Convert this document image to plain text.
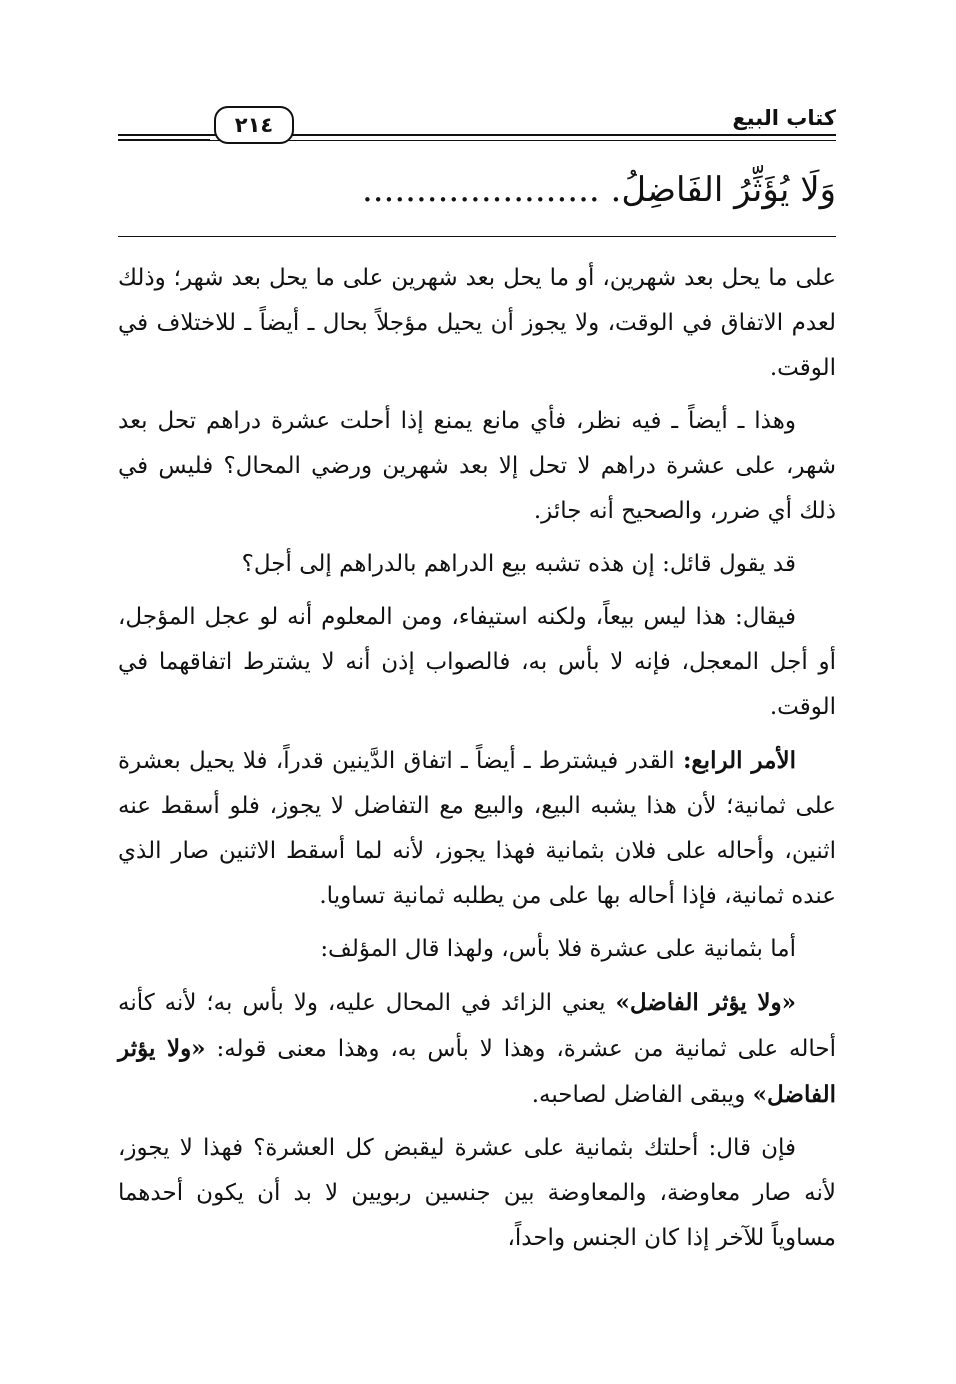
٢١٤	كتاب البيع
وَلَا يُؤَثِّرُ الفَاضِلُ. ......................

على ما يحل بعد شهرين، أو ما يحل بعد شهرين على ما يحل بعد شهر؛ وذلك لعدم الاتفاق في الوقت، ولا يجوز أن يحيل مؤجلاً بحال ـ أيضاً ـ للاختلاف في الوقت.

وهذا ـ أيضاً ـ فيه نظر، فأي مانع يمنع إذا أحلت عشرة دراهم تحل بعد شهر، على عشرة دراهم لا تحل إلا بعد شهرين ورضي المحال؟ فليس في ذلك أي ضرر، والصحيح أنه جائز.

قد يقول قائل: إن هذه تشبه بيع الدراهم بالدراهم إلى أجل؟

فيقال: هذا ليس بيعاً، ولكنه استيفاء، ومن المعلوم أنه لو عجل المؤجل، أو أجل المعجل، فإنه لا بأس به، فالصواب إذن أنه لا يشترط اتفاقهما في الوقت.

الأمر الرابع: القدر فيشترط ـ أيضاً ـ اتفاق الدَّينين قدراً، فلا يحيل بعشرة على ثمانية؛ لأن هذا يشبه البيع، والبيع مع التفاضل لا يجوز، فلو أسقط عنه اثنين، وأحاله على فلان بثمانية فهذا يجوز، لأنه لما أسقط الاثنين صار الذي عنده ثمانية، فإذا أحاله بها على من يطلبه ثمانية تساويا.

أما بثمانية على عشرة فلا بأس، ولهذا قال المؤلف:

«ولا يؤثر الفاضل» يعني الزائد في المحال عليه، ولا بأس به؛ لأنه كأنه أحاله على ثمانية من عشرة، وهذا لا بأس به، وهذا معنى قوله: «ولا يؤثر الفاضل» ويبقى الفاضل لصاحبه.

فإن قال: أحلتك بثمانية على عشرة ليقبض كل العشرة؟ فهذا لا يجوز، لأنه صار معاوضة، والمعاوضة بين جنسين ربويين لا بد أن يكون أحدهما مساوياً للآخر إذا كان الجنس واحداً،
